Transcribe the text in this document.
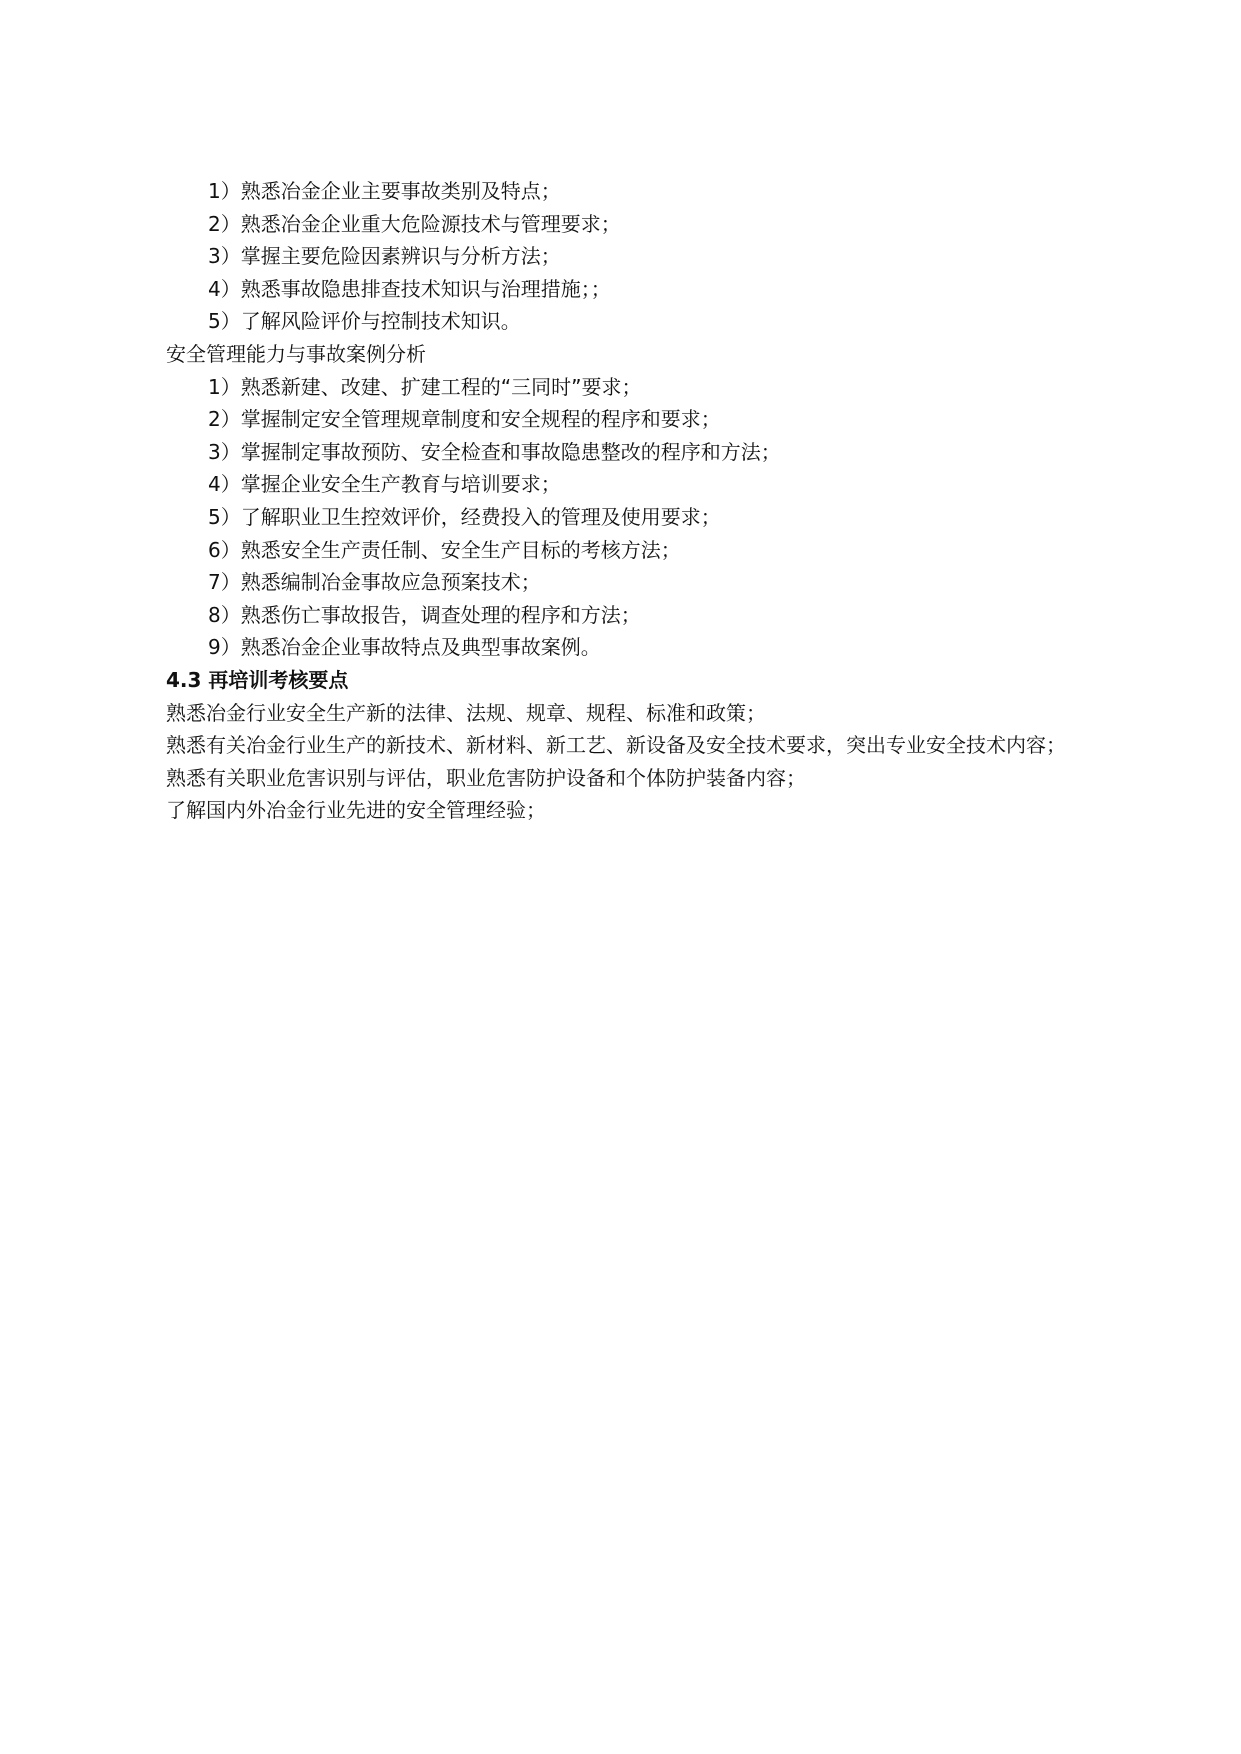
1）熟悉冶金企业主要事故类别及特点；
2）熟悉冶金企业重大危险源技术与管理要求；
3）掌握主要危险因素辨识与分析方法；
4）熟悉事故隐患排查技术知识与治理措施；；
5）了解风险评价与控制技术知识。
安全管理能力与事故案例分析
1）熟悉新建、改建、扩建工程的“三同时”要求；
2）掌握制定安全管理规章制度和安全规程的程序和要求；
3）掌握制定事故预防、安全检查和事故隐患整改的程序和方法；
4）掌握企业安全生产教育与培训要求；
5）了解职业卫生控效评价，经费投入的管理及使用要求；
6）熟悉安全生产责任制、安全生产目标的考核方法；
7）熟悉编制冶金事故应急预案技术；
8）熟悉伤亡事故报告，调查处理的程序和方法；
9）熟悉冶金企业事故特点及典型事故案例。
4.3 再培训考核要点
熟悉冶金行业安全生产新的法律、法规、规章、规程、标准和政策；
熟悉有关冶金行业生产的新技术、新材料、新工艺、新设备及安全技术要求，突出专业安全技术内容；
熟悉有关职业危害识别与评估，职业危害防护设备和个体防护装备内容；
了解国内外冶金行业先进的安全管理经验；
